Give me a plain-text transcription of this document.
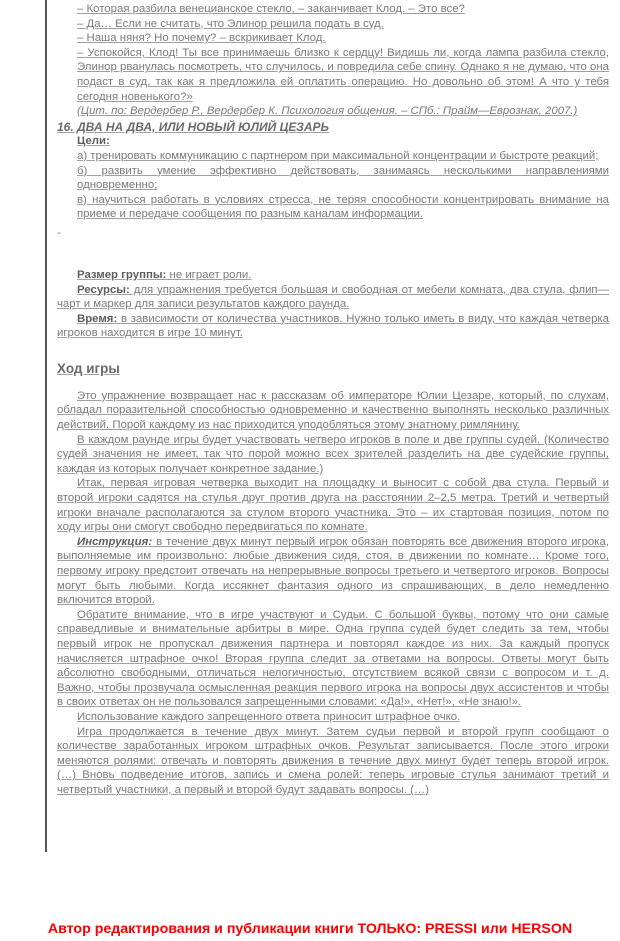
– Которая разбила венецианское стекло, – заканчивает Клод. – Это все?

– Да… Если не считать, что Элинор решила подать в суд.

– Наша няня? Но почему? – вскрикивает Клод.

– Успокойся, Клод! Ты все принимаешь близко к сердцу! Видишь ли, когда лампа разбила стекло, Элинор рванулась посмотреть, что случилось, и повредила себе спину. Однако я не думаю, что она подаст в суд, так как я предложила ей оплатить операцию. Но довольно об этом! А что у тебя сегодня новенького?»

(Цит. по: Вердербер Р., Вердербер К. Психология общения. – СПб.: Прайм—Еврознак, 2007.)

16. ДВА НА ДВА, ИЛИ НОВЫЙ ЮЛИЙ ЦЕЗАРЬ

Цели:

а) тренировать коммуникацию с партнером при максимальной концентрации и быстроте реакций;

б) развить умение эффективно действовать, занимаясь несколькими направлениями одновременно;

в) научиться работать в условиях стресса, не теряя способности концентрировать внимание на приеме и передаче сообщения по разным каналам информации.

-

Размер группы: не играет роли.

Ресурсы: для упражнения требуется большая и свободная от мебели комната, два стула, флип—чарт и маркер для записи результатов каждого раунда.

Время: в зависимости от количества участников. Нужно только иметь в виду, что каждая четверка игроков находится в игре 10 минут.

Ход игры

Это упражнение возвращает нас к рассказам об императоре Юлии Цезаре, который, по слухам, обладал поразительной способностью одновременно и качественно выполнять несколько различных действий. Порой каждому из нас приходится уподобляться этому знатному римлянину.

В каждом раунде игры будет участвовать четверо игроков в поле и две группы судей. (Количество судей значения не имеет, так что порой можно всех зрителей разделить на две судейские группы, каждая из которых получает конкретное задание.)

Итак, первая игровая четверка выходит на площадку и выносит с собой два стула. Первый и второй игроки садятся на стулья друг против друга на расстоянии 2–2,5 метра. Третий и четвертый игроки вначале располагаются за стулом второго участника. Это – их стартовая позиция, потом по ходу игры они смогут свободно передвигаться по комнате.

Инструкция: в течение двух минут первый игрок обязан повторять все движения второго игрока, выполняемые им произвольно: любые движения сидя, стоя, в движении по комнате… Кроме того, первому игроку предстоит отвечать на непрерывные вопросы третьего и четвертого игроков. Вопросы могут быть любыми. Когда иссякнет фантазия одного из спрашивающих, в дело немедленно включится второй.

Обратите внимание, что в игре участвуют и Судьи. С большой буквы, потому что они самые справедливые и внимательные арбитры в мире. Одна группа судей будет следить за тем, чтобы первый игрок не пропускал движения партнера и повторял каждое из них. За каждый пропуск начисляется штрафное очко! Вторая группа следит за ответами на вопросы. Ответы могут быть абсолютно свободными, отличаться нелогичностью, отсутствием всякой связи с вопросом и т. д. Важно, чтобы прозвучала осмысленная реакция первого игрока на вопросы двух ассистентов и чтобы в своих ответах он не пользовался запрещенными словами: «Да!», «Нет!», «Не знаю!».

Использование каждого запрещенного ответа приносит штрафное очко.

Игра продолжается в течение двух минут. Затем судьи первой и второй групп сообщают о количестве заработанных игроком штрафных очков. Результат записывается. После этого игроки меняются ролями: отвечать и повторять движения в течение двух минут будет теперь второй игрок. (…) Вновь подведение итогов, запись и смена ролей: теперь игровые стулья занимают третий и четвертый участники, а первый и второй будут задавать вопросы. (…)

Автор редактирования и публикации книги ТОЛЬКО: PRESSI или HERSON
